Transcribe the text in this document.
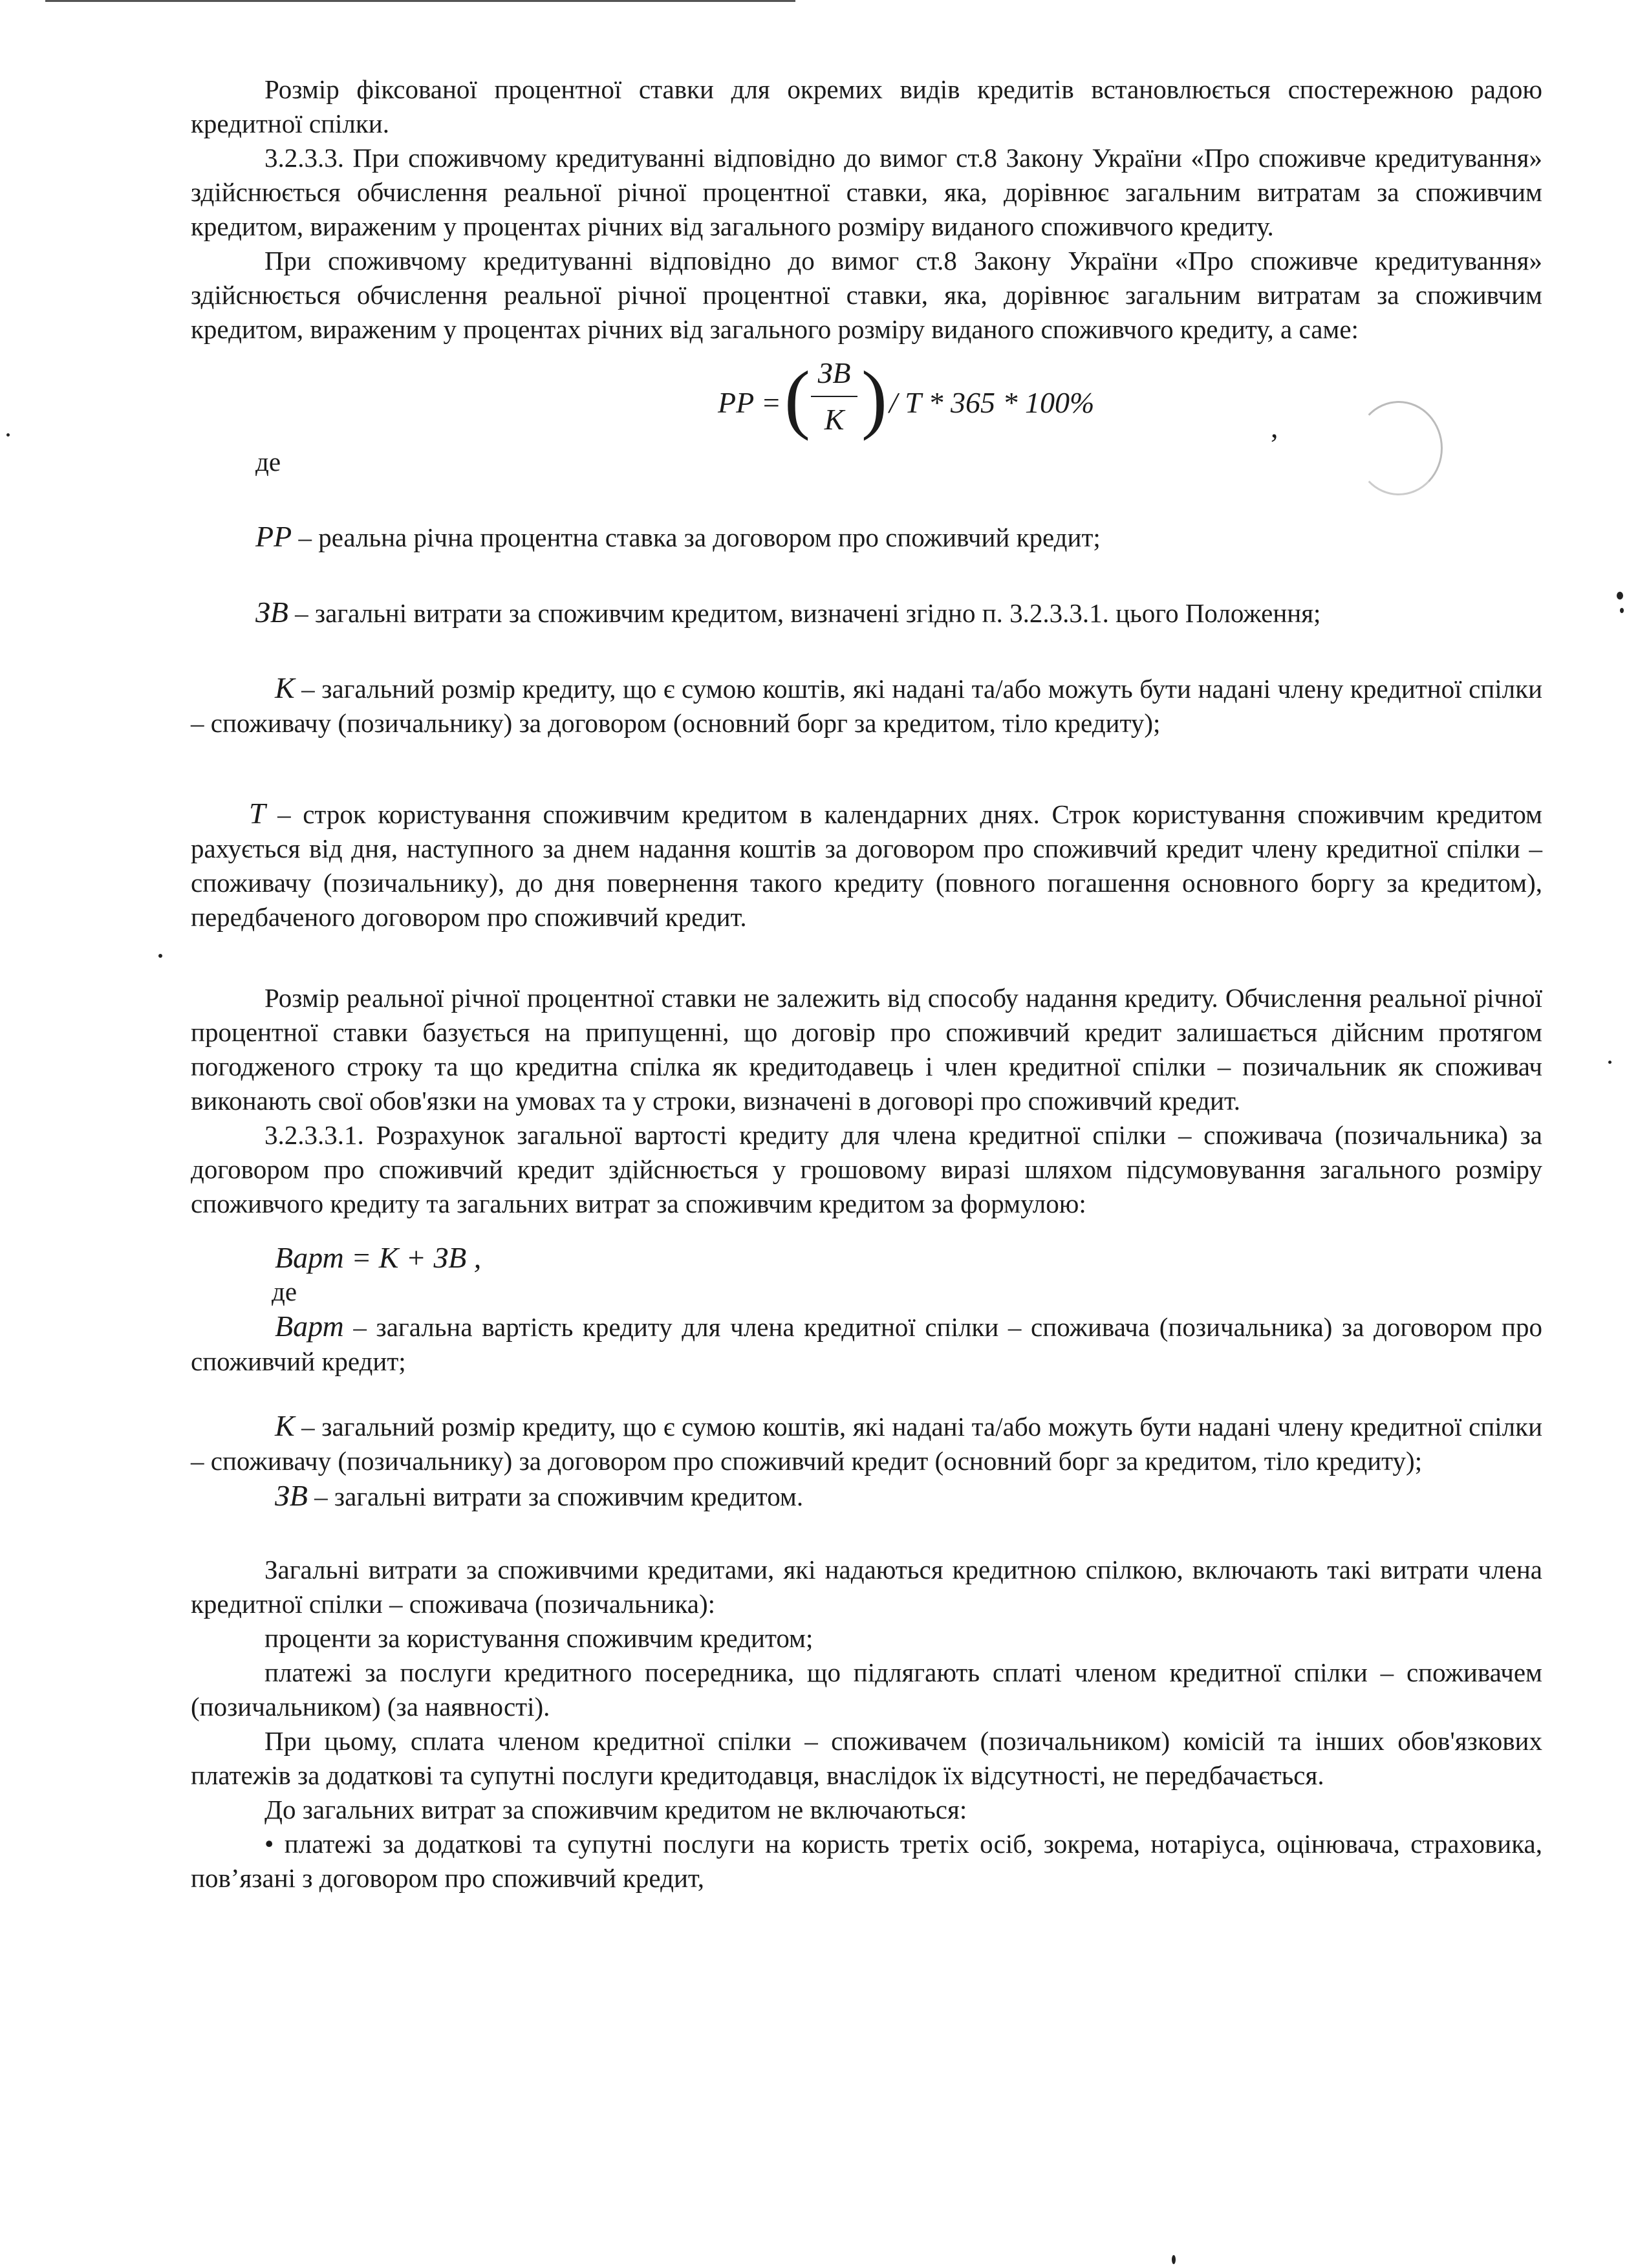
Розмір фіксованої процентної ставки для окремих видів кредитів встановлюється спостережною радою кредитної спілки.

3.2.3.3. При споживчому кредитуванні відповідно до вимог ст.8 Закону України «Про споживче кредитування» здійснюється обчислення реальної річної процентної ставки, яка, дорівнює загальним витратам за споживчим кредитом, вираженим у процентах річних від загального розміру виданого споживчого кредиту.

При споживчому кредитуванні відповідно до вимог ст.8 Закону України «Про споживче кредитування» здійснюється обчислення реальної річної процентної ставки, яка, дорівнює загальним витратам за споживчим кредитом, вираженим у процентах річних від загального розміру виданого споживчого кредиту, а саме:

PP = ( ЗВ
К ) / T * 365 * 100%
,

де

PP – реальна річна процентна ставка за договором про споживчий кредит;

ЗВ – загальні витрати за споживчим кредитом, визначені згідно п. 3.2.3.3.1. цього Положення;

К – загальний розмір кредиту, що є сумою коштів, які надані та/або можуть бути надані члену кредитної спілки – споживачу (позичальнику) за договором (основний борг за кредитом, тіло кредиту);

T – строк користування споживчим кредитом в календарних днях. Строк користування споживчим кредитом рахується від дня, наступного за днем надання коштів за договором про споживчий кредит члену кредитної спілки – споживачу (позичальнику), до дня повернення такого кредиту (повного погашення основного боргу за кредитом), передбаченого договором про споживчий кредит.

Розмір реальної річної процентної ставки не залежить від способу надання кредиту. Обчислення реальної річної процентної ставки базується на припущенні, що договір про споживчий кредит залишається дійсним протягом погодженого строку та що кредитна спілка як кредитодавець і член кредитної спілки – позичальник як споживач виконають свої обов'язки на умовах та у строки, визначені в договорі про споживчий кредит.

3.2.3.3.1. Розрахунок загальної вартості кредиту для члена кредитної спілки – споживача (позичальника) за договором про споживчий кредит здійснюється у грошовому виразі шляхом підсумовування загального розміру споживчого кредиту та загальних витрат за споживчим кредитом за формулою:

Варт = К + ЗВ ,

де

Варт – загальна вартість кредиту для члена кредитної спілки – споживача (позичальника) за договором про споживчий кредит;

К – загальний розмір кредиту, що є сумою коштів, які надані та/або можуть бути надані члену кредитної спілки – споживачу (позичальнику) за договором про споживчий кредит (основний борг за кредитом, тіло кредиту);

ЗВ – загальні витрати за споживчим кредитом.

Загальні витрати за споживчими кредитами, які надаються кредитною спілкою, включають такі витрати члена кредитної спілки – споживача (позичальника):

проценти за користування споживчим кредитом;

платежі за послуги кредитного посередника, що підлягають сплаті членом кредитної спілки – споживачем (позичальником) (за наявності).

При цьому, сплата членом кредитної спілки – споживачем (позичальником) комісій та інших обов'язкових платежів за додаткові та супутні послуги кредитодавця, внаслідок їх відсутності, не передбачається.

До загальних витрат за споживчим кредитом не включаються:

• платежі за додаткові та супутні послуги на користь третіх осіб, зокрема, нотаріуса, оцінювача, страховика, пов’язані з договором про споживчий кредит,
